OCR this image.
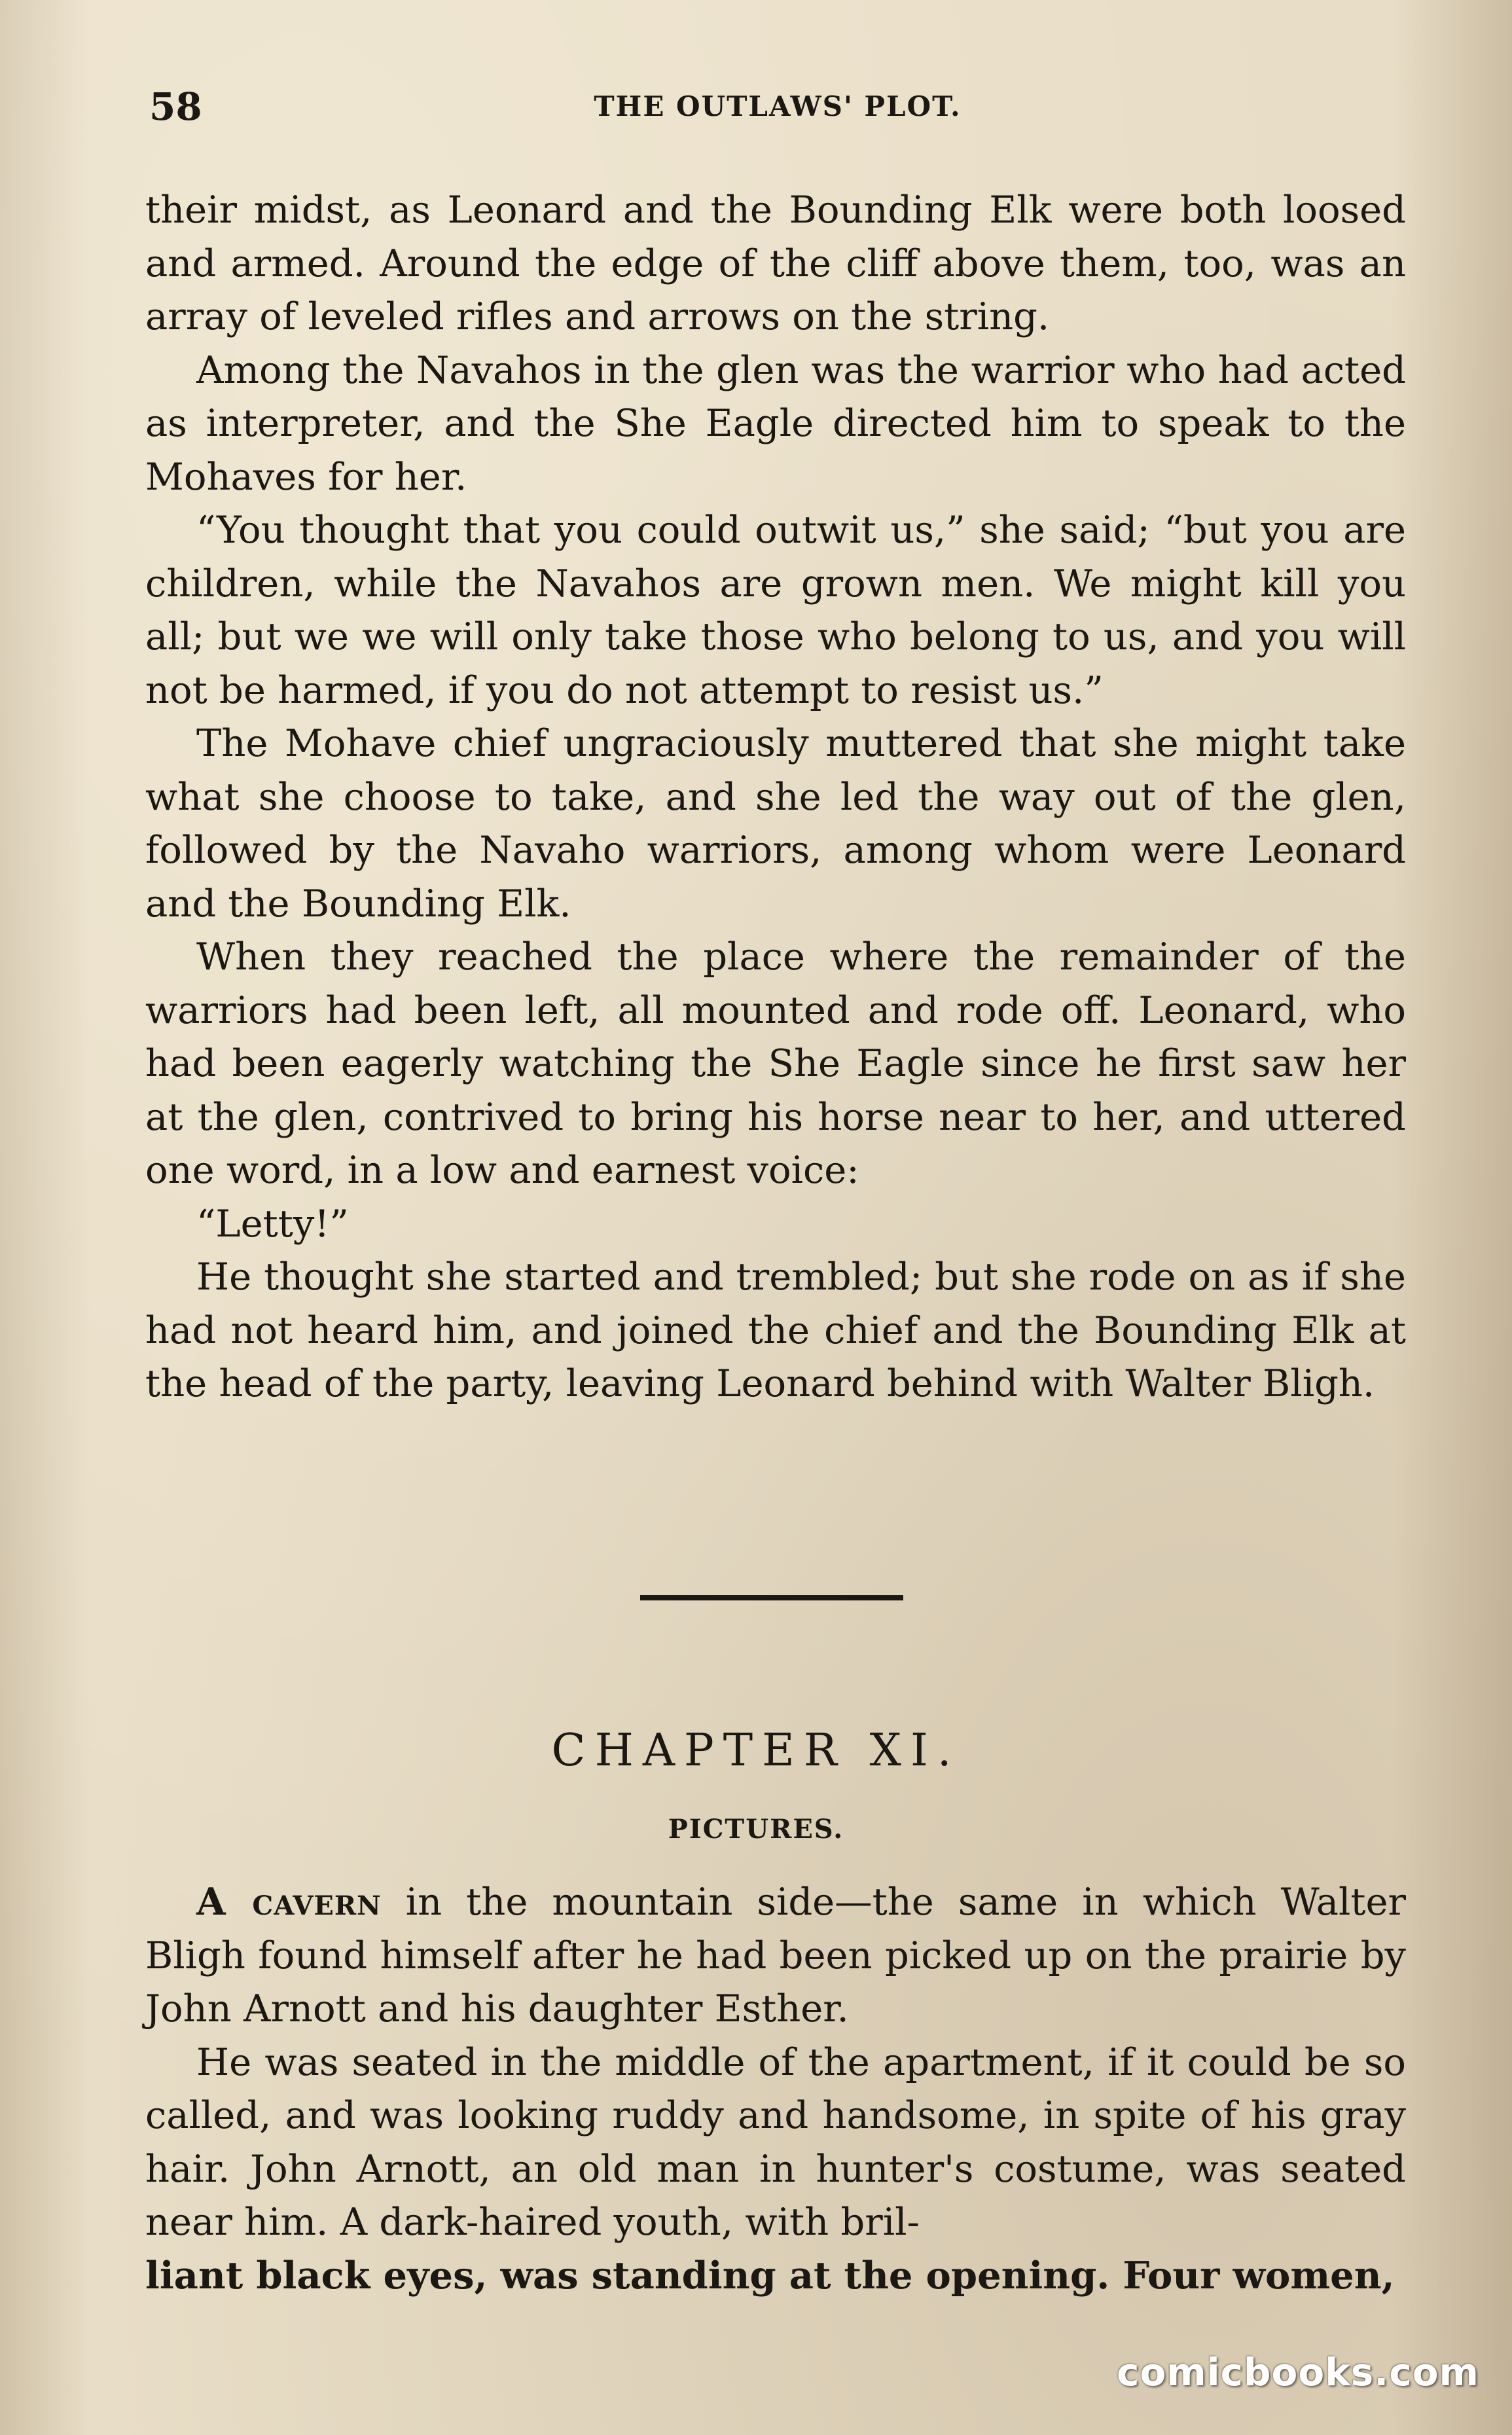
58	THE OUTLAWS' PLOT.

their midst, as Leonard and the Bounding Elk were both loosed and armed. Around the edge of the cliff above them, too, was an array of leveled rifles and arrows on the string.

Among the Navahos in the glen was the warrior who had acted as interpreter, and the She Eagle directed him to speak to the Mohaves for her.

“You thought that you could outwit us,” she said; “but you are children, while the Navahos are grown men. We might kill you all; but we we will only take those who belong to us, and you will not be harmed, if you do not attempt to resist us.”

The Mohave chief ungraciously muttered that she might take what she choose to take, and she led the way out of the glen, followed by the Navaho warriors, among whom were Leonard and the Bounding Elk.

When they reached the place where the remainder of the warriors had been left, all mounted and rode off. Leonard, who had been eagerly watching the She Eagle since he first saw her at the glen, contrived to bring his horse near to her, and uttered one word, in a low and earnest voice:

“Letty!”

He thought she started and trembled; but she rode on as if she had not heard him, and joined the chief and the Bounding Elk at the head of the party, leaving Leonard behind with Walter Bligh.

CHAPTER XI.
PICTURES.

A cavern in the mountain side—the same in which Walter Bligh found himself after he had been picked up on the prairie by John Arnott and his daughter Esther.

He was seated in the middle of the apartment, if it could be so called, and was looking ruddy and handsome, in spite of his gray hair. John Arnott, an old man in hunter's costume, was seated near him. A dark-haired youth, with bril-

liant black eyes, was standing at the opening. Four women,

comicbooks.com
